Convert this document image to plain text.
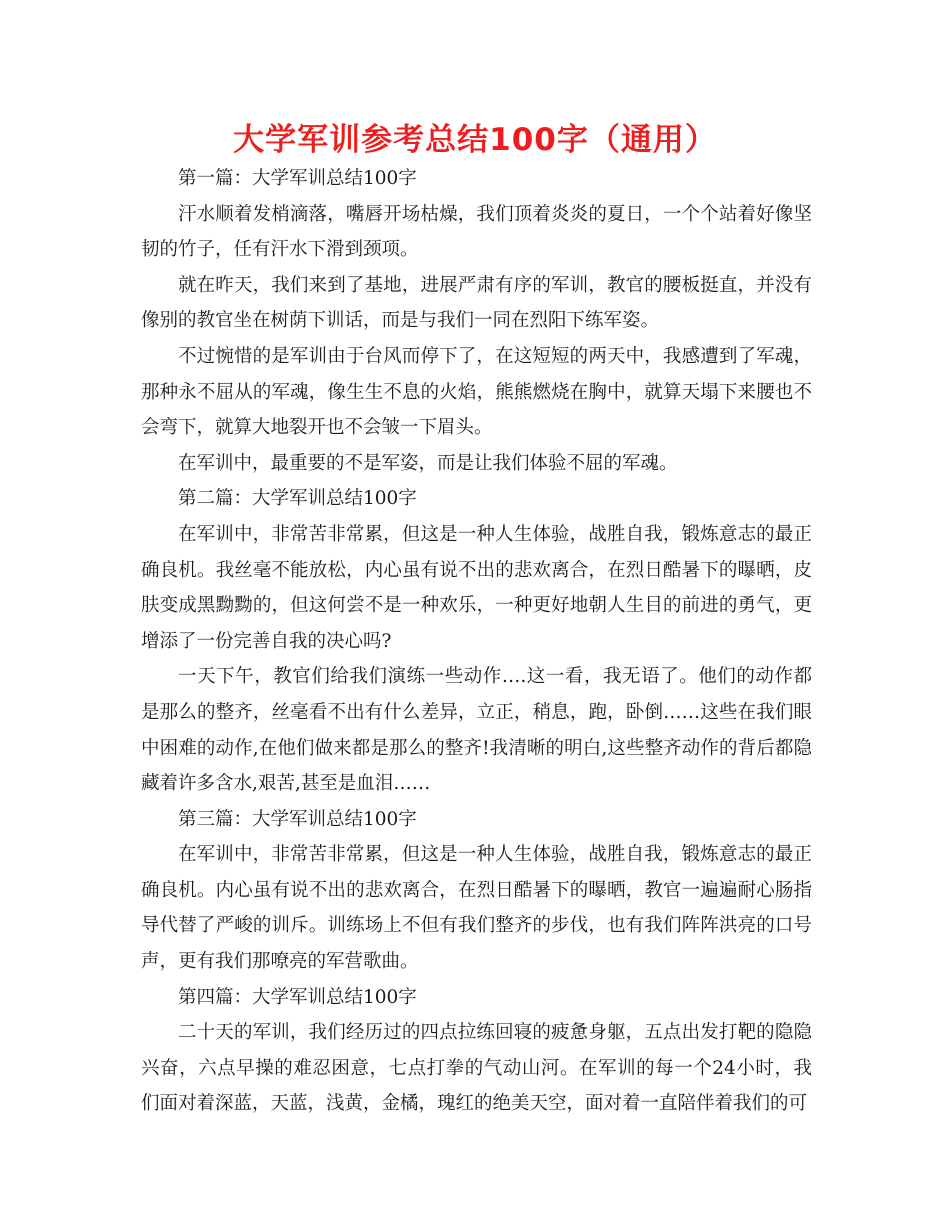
大学军训参考总结100字（通用）

第一篇：大学军训总结100字

汗水顺着发梢滴落，嘴唇开场枯燥，我们顶着炎炎的夏日，一个个站着好像坚韧的竹子，任有汗水下滑到颈项。

就在昨天，我们来到了基地，进展严肃有序的军训，教官的腰板挺直，并没有像别的教官坐在树荫下训话，而是与我们一同在烈阳下练军姿。

不过惋惜的是军训由于台风而停下了，在这短短的两天中，我感遭到了军魂，那种永不屈从的军魂，像生生不息的火焰，熊熊燃烧在胸中，就算天塌下来腰也不会弯下，就算大地裂开也不会皱一下眉头。

在军训中，最重要的不是军姿，而是让我们体验不屈的军魂。

第二篇：大学军训总结100字

在军训中，非常苦非常累，但这是一种人生体验，战胜自我，锻炼意志的最正确良机。我丝毫不能放松，内心虽有说不出的悲欢离合，在烈日酷暑下的曝晒，皮肤变成黑黝黝的，但这何尝不是一种欢乐，一种更好地朝人生目的前进的勇气，更增添了一份完善自我的决心吗?

一天下午，教官们给我们演练一些动作….这一看，我无语了。他们的动作都是那么的整齐，丝毫看不出有什么差异，立正，稍息，跑，卧倒……这些在我们眼中困难的动作,在他们做来都是那么的整齐!我清晰的明白,这些整齐动作的背后都隐藏着许多含水,艰苦,甚至是血泪……

第三篇：大学军训总结100字

在军训中，非常苦非常累，但这是一种人生体验，战胜自我，锻炼意志的最正确良机。内心虽有说不出的悲欢离合，在烈日酷暑下的曝晒，教官一遍遍耐心肠指导代替了严峻的训斥。训练场上不但有我们整齐的步伐，也有我们阵阵洪亮的口号声，更有我们那嘹亮的军营歌曲。

第四篇：大学军训总结100字

二十天的军训，我们经历过的四点拉练回寝的疲惫身躯，五点出发打靶的隐隐兴奋，六点早操的难忍困意，七点打拳的气动山河。在军训的每一个24小时，我们面对着深蓝，天蓝，浅黄，金橘，瑰红的绝美天空，面对着一直陪伴着我们的可
